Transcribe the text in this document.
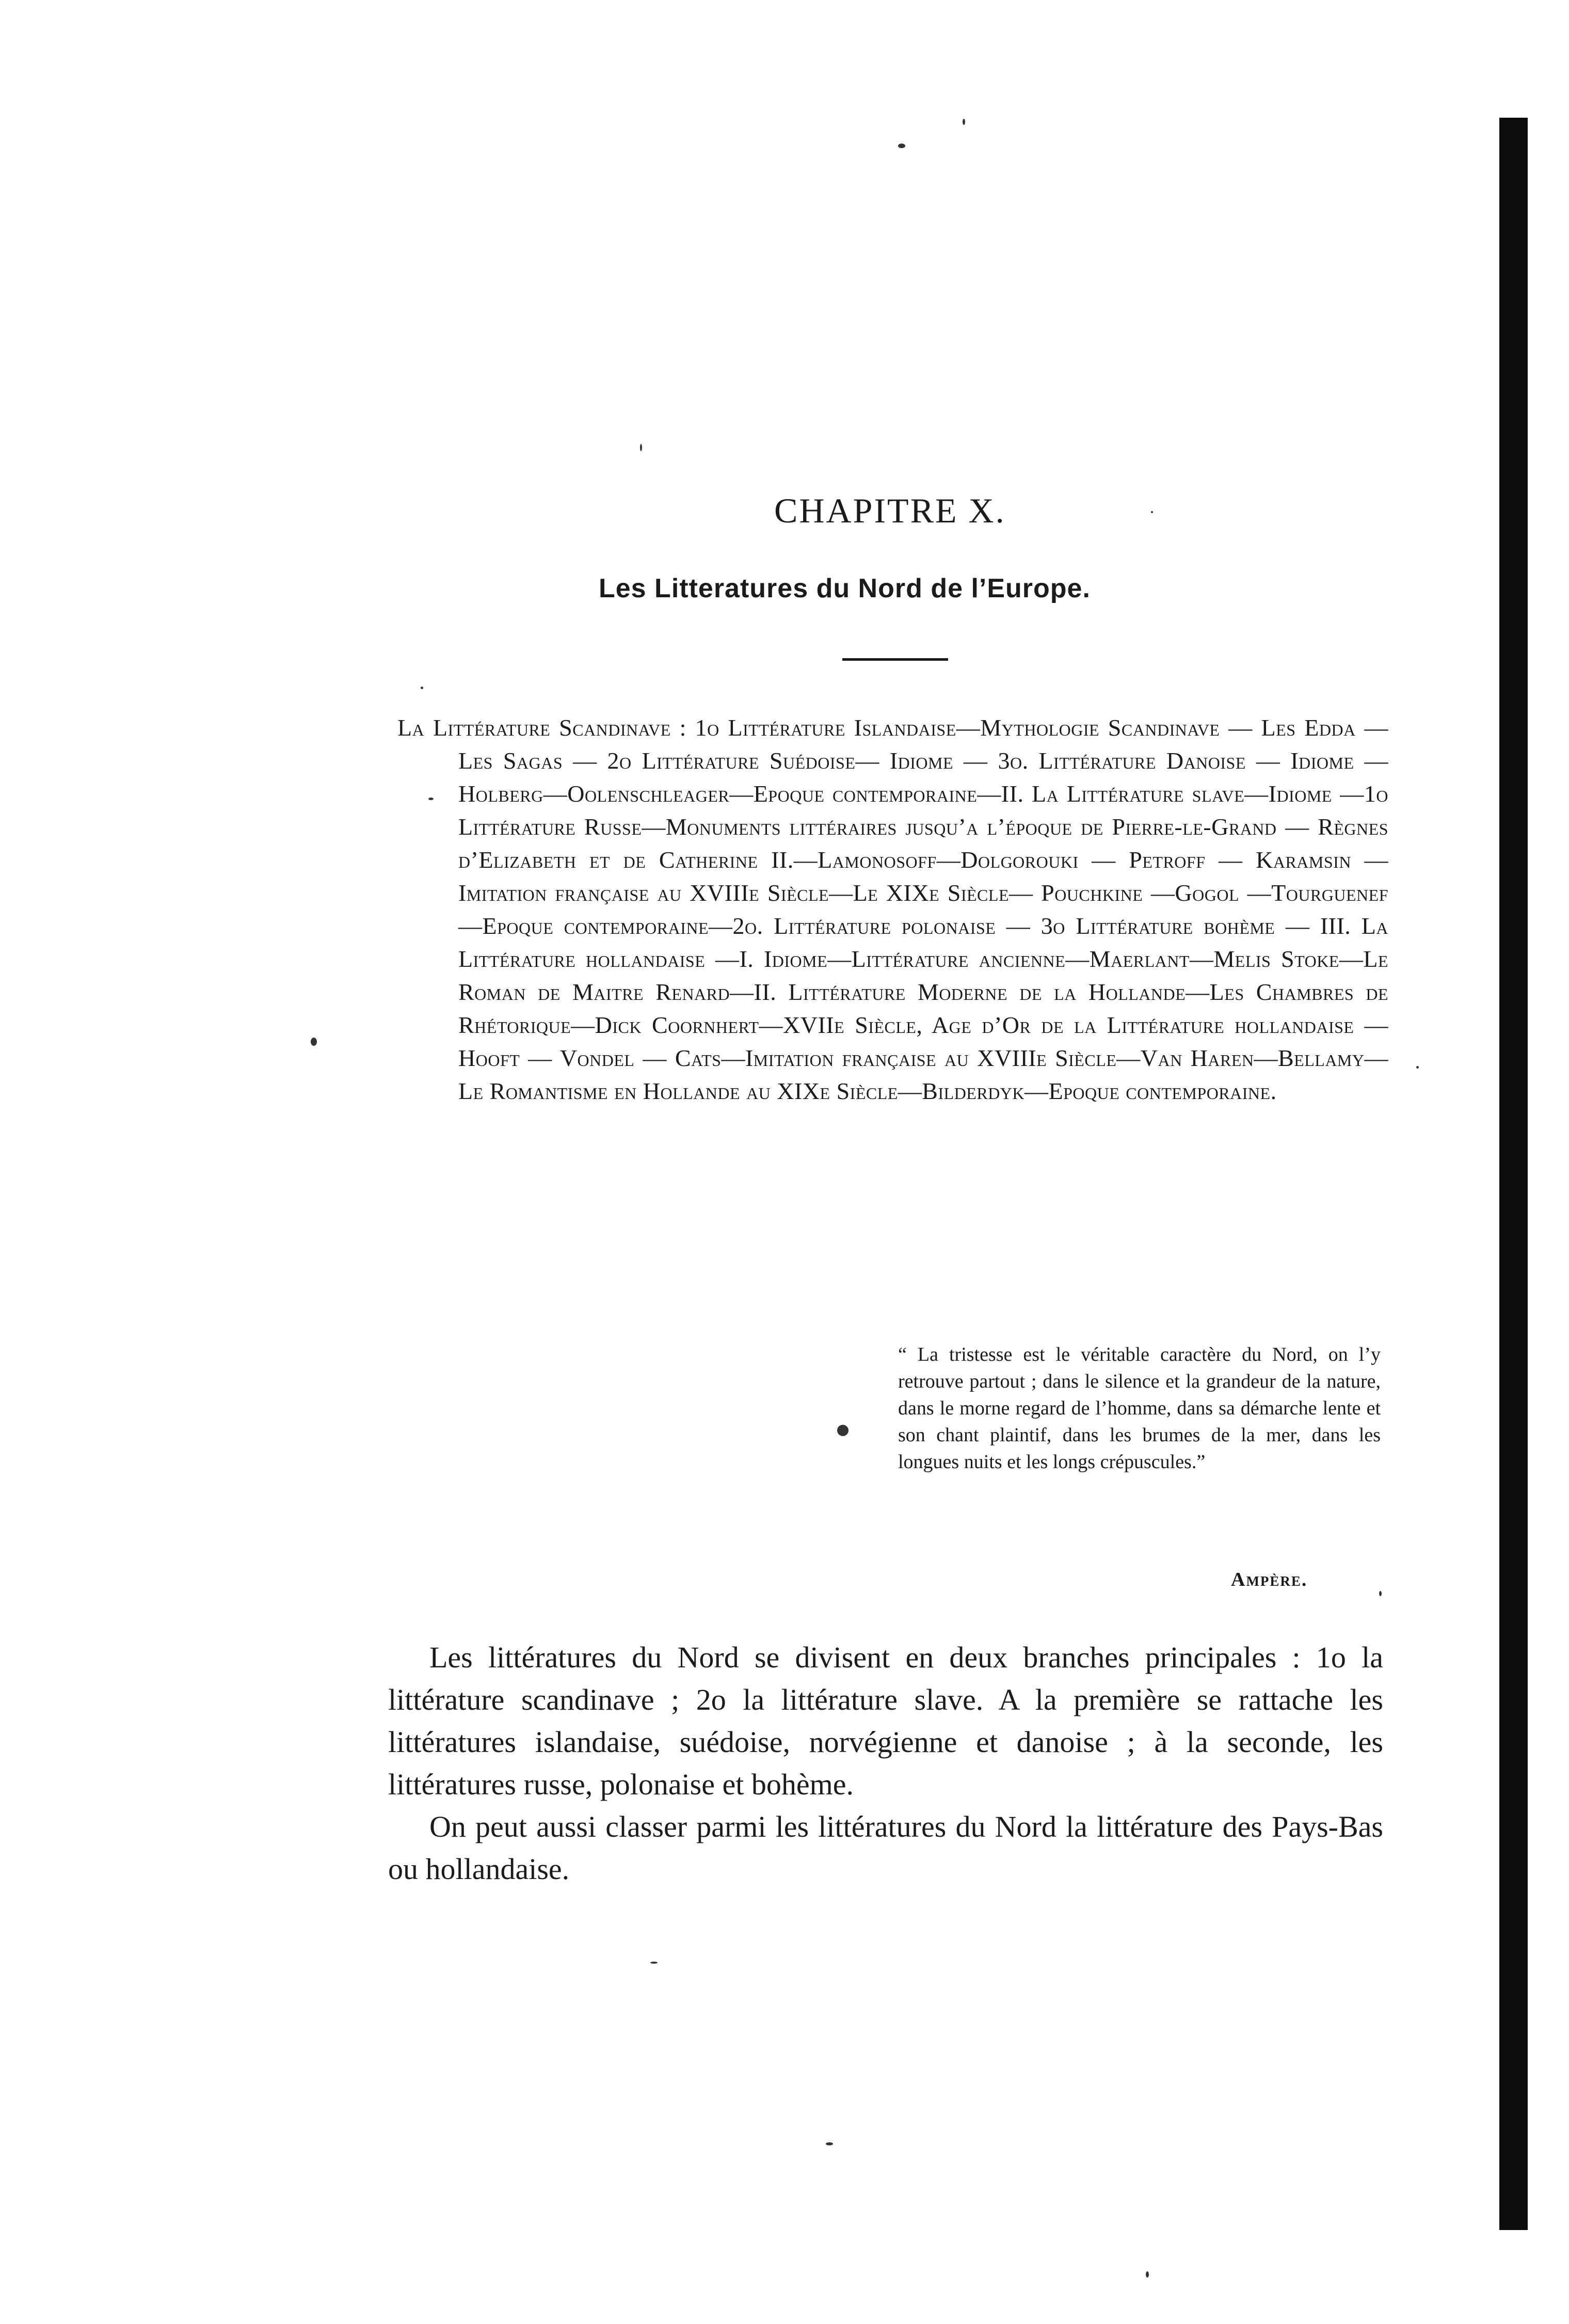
CHAPITRE X.
Les Litteratures du Nord de l’Europe.
La Littérature Scandinave : 1o Littérature Islandaise—Mythologie Scandinave — Les Edda — Les Sagas — 2o Littérature Suédoise— Idiome — 3o. Littérature Danoise — Idiome — Holberg—Oolenschleager—Epoque contemporaine—II. La Littérature slave—Idiome —1o Littérature Russe—Monuments littéraires jusqu’a l’époque de Pierre-le-Grand — Règnes d’Elizabeth et de Catherine II.—Lamonosoff—Dolgorouki — Petroff — Karamsin — Imitation française au XVIIIe Siècle—Le XIXe Siècle— Pouchkine —Gogol —Tourguenef—Epoque contemporaine—2o. Littérature polonaise — 3o Littérature bohème — III. La Littérature hollandaise —I. Idiome—Littérature ancienne—Maerlant—Melis Stoke—Le Roman de Maitre Renard—II. Littérature Moderne de la Hollande—Les Chambres de Rhétorique—Dick Coornhert—XVIIe Siècle, Age d’Or de la Littérature hollandaise — Hooft — Vondel — Cats—Imitation française au XVIIIe Siècle—Van Haren—Bellamy—Le Romantisme en Hollande au XIXe Siècle—Bilderdyk—Epoque contemporaine.
“ La tristesse est le véritable caractère du Nord, on l’y retrouve partout ; dans le silence et la grandeur de la nature, dans le morne regard de l’homme, dans sa démarche lente et son chant plaintif, dans les brumes de la mer, dans les longues nuits et les longs crépuscules.”
Ampère.

Les littératures du Nord se divisent en deux branches principales : 1o la littérature scandinave ; 2o la littérature slave. A la première se rattache les littératures islandaise, suédoise, norvégienne et danoise ; à la seconde, les littératures russe, polonaise et bohème.

On peut aussi classer parmi les littératures du Nord la littérature des Pays-Bas ou hollandaise.
